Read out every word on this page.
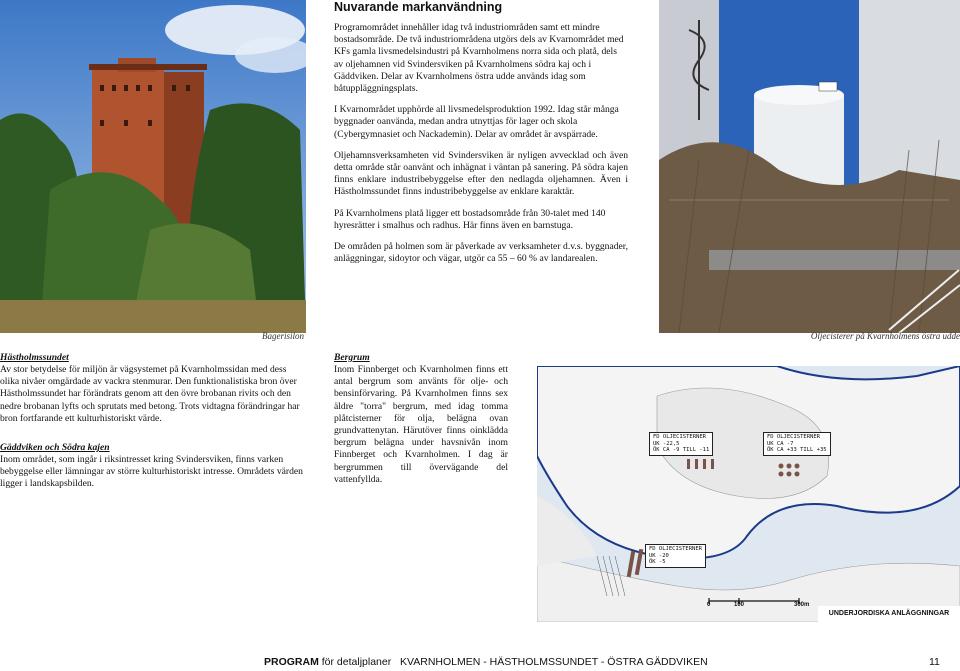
Bagerisilon
Nuvarande markanvändning

Programområdet innehåller idag två industriområden samt ett mindre bostadsområde. De två industriområdena utgörs dels av Kvarnområdet med KFs gamla livsmedelsindustri på Kvarnholmens norra sida och platå, dels av oljehamnen vid Svindersviken på Kvarnholmens södra kaj och i Gäddviken. Delar av Kvarnholmens östra udde används idag som båtuppläggningsplats.

I Kvarnområdet upphörde all livsmedelsproduktion 1992. Idag står många byggnader oanvända, medan andra utnyttjas för lager och skola (Cybergymnasiet och Nackademin). Delar av området är avspärrade.

Oljehamnsverksamheten vid Svindersviken är nyligen avvecklad och även detta område står oanvänt och inhägnat i väntan på sanering. På södra kajen finns enklare industribebyggelse efter den nedlagda oljehamnen. Även i Hästholmssundet finns industribebyggelse av enklare karaktär.

På Kvarnholmens platå ligger ett bostadsområde från 30-talet med 140 hyresrätter i smalhus och radhus. Här finns även en barnstuga.

De områden på holmen som är påverkade av verksamheter d.v.s. byggnader, anläggningar, sidoytor och vägar, utgör ca 55 – 60 % av landarealen.

Oljecisterer på Kvarnholmens östra udde

Hästholmssundet

Av stor betydelse för miljön är vägsystemet på Kvarnholmssidan med dess olika nivåer omgärdade av vackra stenmurar. Den funktionalistiska bron över Hästholmssundet har förändrats genom att den övre brobanan rivits och den nedre brobanan lyfts och sprutats med betong. Trots vidtagna förändringar har bron fortfarande ett kulturhistoriskt värde.

Gäddviken och Södra kajen

Inom området, som ingår i riksintresset kring Svindersviken, finns varken bebyggelse eller lämningar av större kulturhistoriskt intresse. Områdets värden ligger i landskapsbilden.

Bergrum

Inom Finnberget och Kvarnholmen finns ett antal bergrum som använts för olje- och bensinförvaring. På Kvarnholmen finns sex äldre "torra" bergrum, med idag tomma plåtcisterner för olja, belägna ovan grundvattenytan. Härutöver finns oinklädda bergrum belägna under havsnivån inom Finnberget och Kvarnholmen. I dag är bergrummen till övervägande del vattenfyllda.

FD OLJECISTERNER
UK -22,5
ÖK CA -9 TILL -11
FD OLJECISTERNER
UK CA -7
ÖK CA +33 TILL +35
FD OLJECISTERNER
UK -20
ÖK -5
0	100	300m
UNDERJORDISKA ANLÄGGNINGAR
PROGRAM för detaljplaner KVARNHOLMEN - HÄSTHOLMSSUNDET - ÖSTRA GÄDDVIKEN	11
